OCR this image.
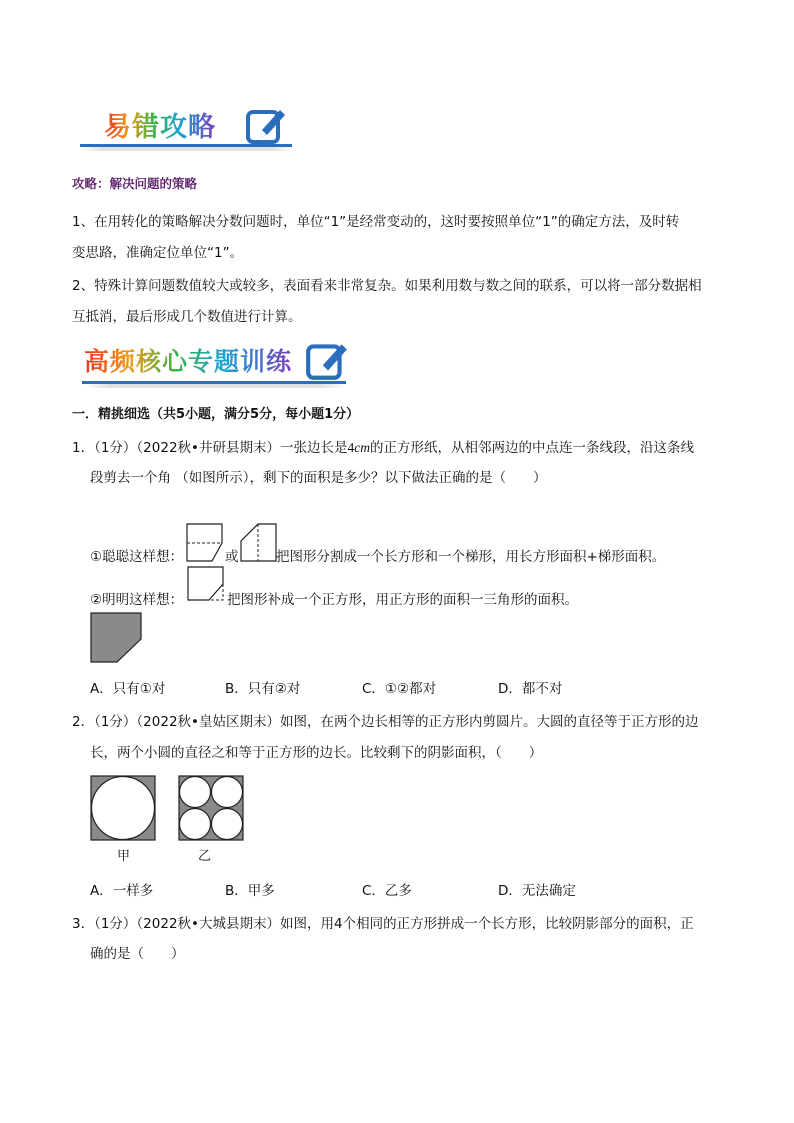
易错攻略
攻略：解决问题的策略
1、在用转化的策略解决分数问题时，单位“1”是经常变动的，这时要按照单位“1”的确定方法，及时转
变思路，准确定位单位“1”。
2、特殊计算问题数值较大或较多，表面看来非常复杂。如果利用数与数之间的联系，可以将一部分数据相
互抵消，最后形成几个数值进行计算。
高频核心专题训练
一．精挑细选（共5小题，满分5分，每小题1分）
1．（1分）（2022秋•井研县期末）一张边长是4cm的正方形纸，从相邻两边的中点连一条线段，沿这条线
段剪去一个角 （如图所示），剩下的面积是多少？以下做法正确的是（　　）
①聪聪这样想：	或	把图形分割成一个长方形和一个梯形，用长方形面积+梯形面积。
②明明这样想：	把图形补成一个正方形，用正方形的面积一三角形的面积。
A．只有①对	B．只有②对	C．①②都对	D．都不对
2．（1分）（2022秋•皇姑区期末）如图，在两个边长相等的正方形内剪圆片。大圆的直径等于正方形的边
长，两个小圆的直径之和等于正方形的边长。比较剩下的阴影面积，（　　）
甲	乙
A．一样多	B．甲多	C．乙多	D．无法确定
3．（1分）（2022秋•大城县期末）如图，用4个相同的正方形拼成一个长方形，比较阴影部分的面积，正
确的是（　　）
